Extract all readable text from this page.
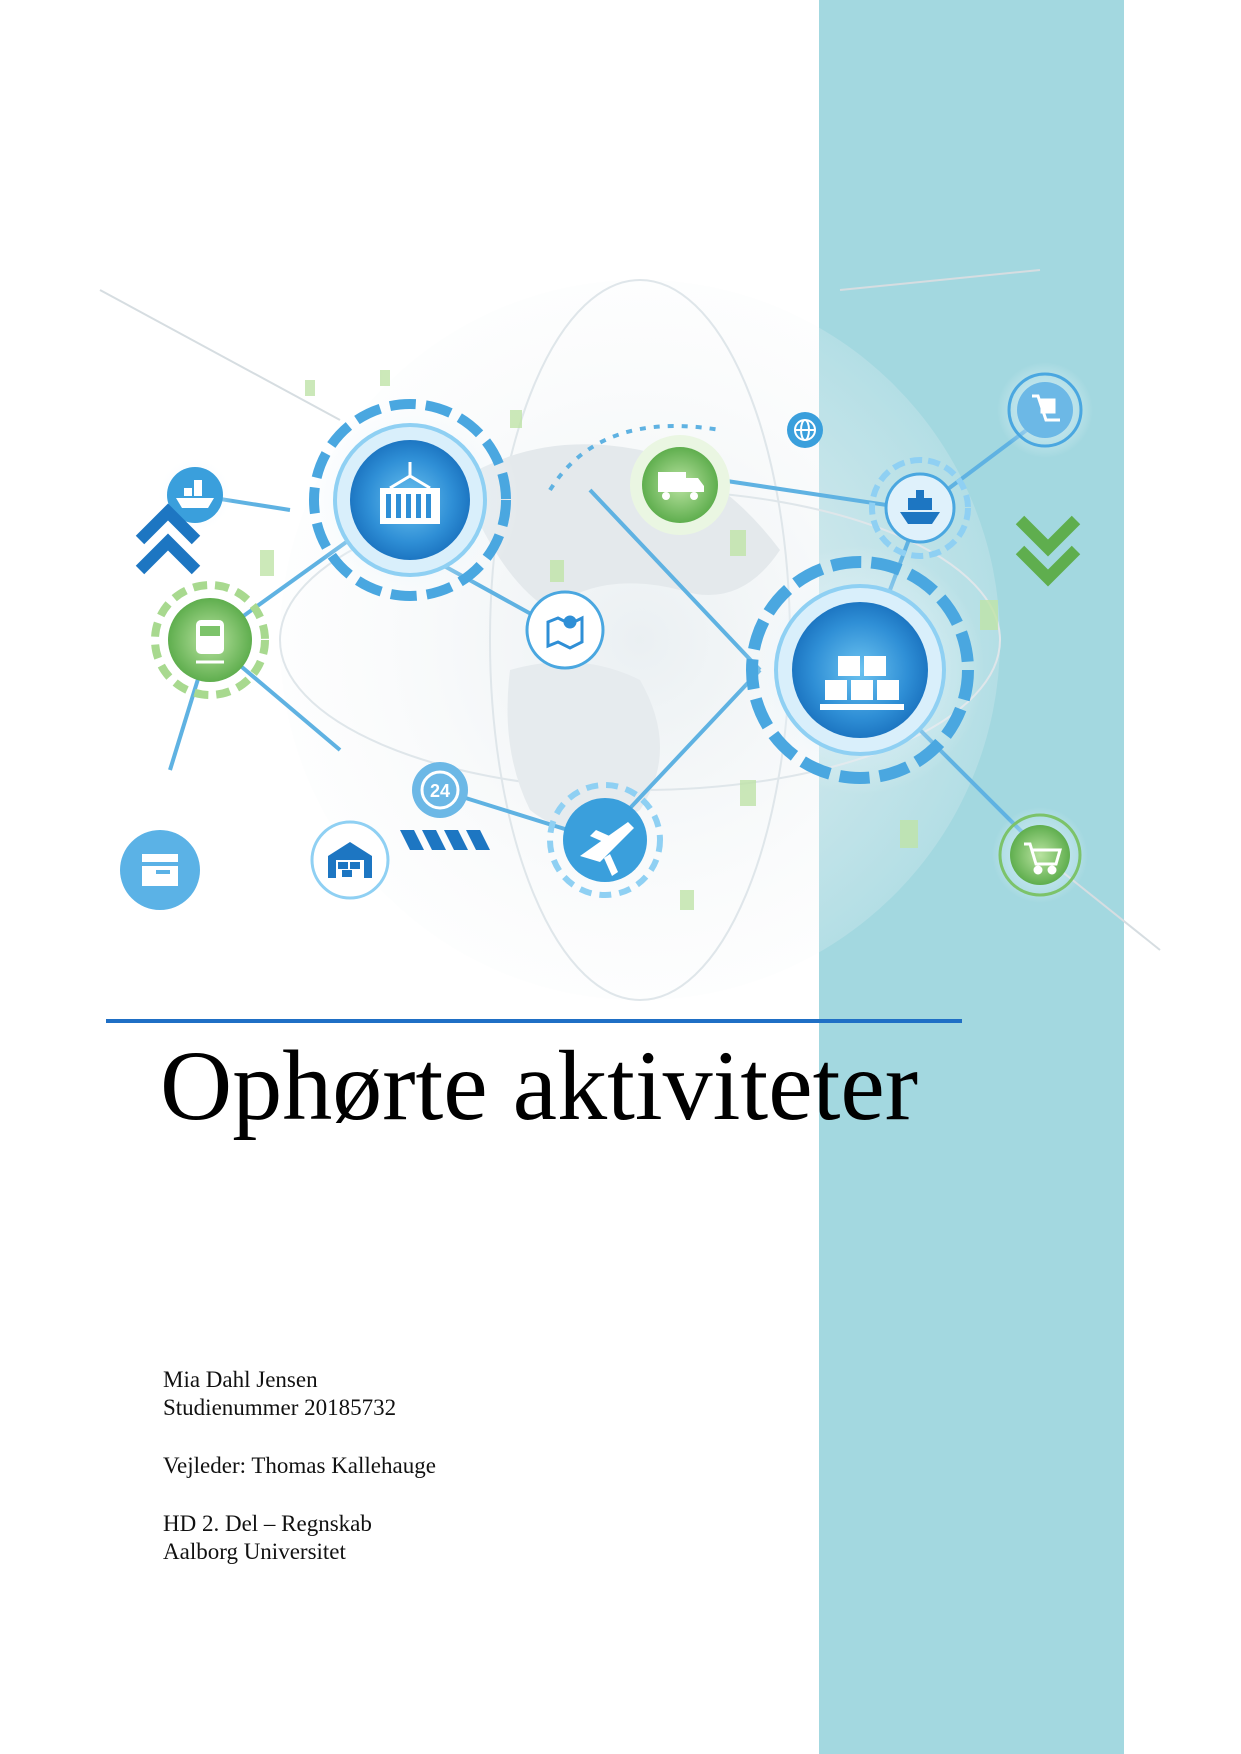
24
Ophørte aktiviteter
Mia Dahl Jensen
Studienummer 20185732
Vejleder: Thomas Kallehauge
HD 2. Del – Regnskab
Aalborg Universitet
